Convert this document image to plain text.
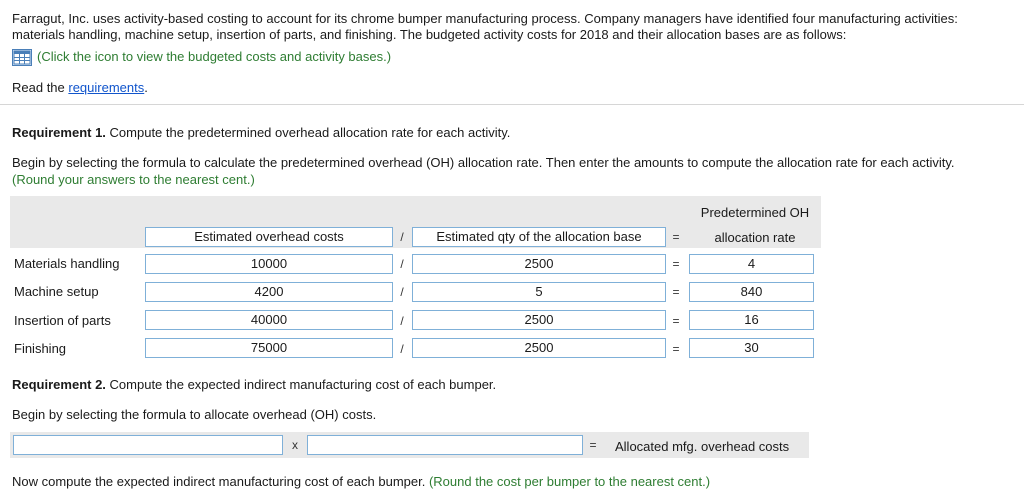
Farragut, Inc. uses activity-based costing to account for its chrome bumper manufacturing process. Company managers have identified four manufacturing activities:
materials handling, machine setup, insertion of parts, and finishing. The budgeted activity costs for 2018 and their allocation bases are as follows:
(Click the icon to view the budgeted costs and activity bases.)
Read the requirements.
Requirement 1. Compute the predetermined overhead allocation rate for each activity.
Begin by selecting the formula to calculate the predetermined overhead (OH) allocation rate. Then enter the amounts to compute the allocation rate for each activity.
(Round your answers to the nearest cent.)
Estimated overhead costs	/	Estimated qty of the allocation base	=
Predetermined OH
allocation rate
Materials handling	10000	/	2500	=	4
Machine setup	4200	/	5	=	840
Insertion of parts	40000	/	2500	=	16
Finishing	75000	/	2500	=	30
Requirement 2. Compute the expected indirect manufacturing cost of each bumper.
Begin by selecting the formula to allocate overhead (OH) costs.
x	= Allocated mfg. overhead costs
Now compute the expected indirect manufacturing cost of each bumper. (Round the cost per bumper to the nearest cent.)
